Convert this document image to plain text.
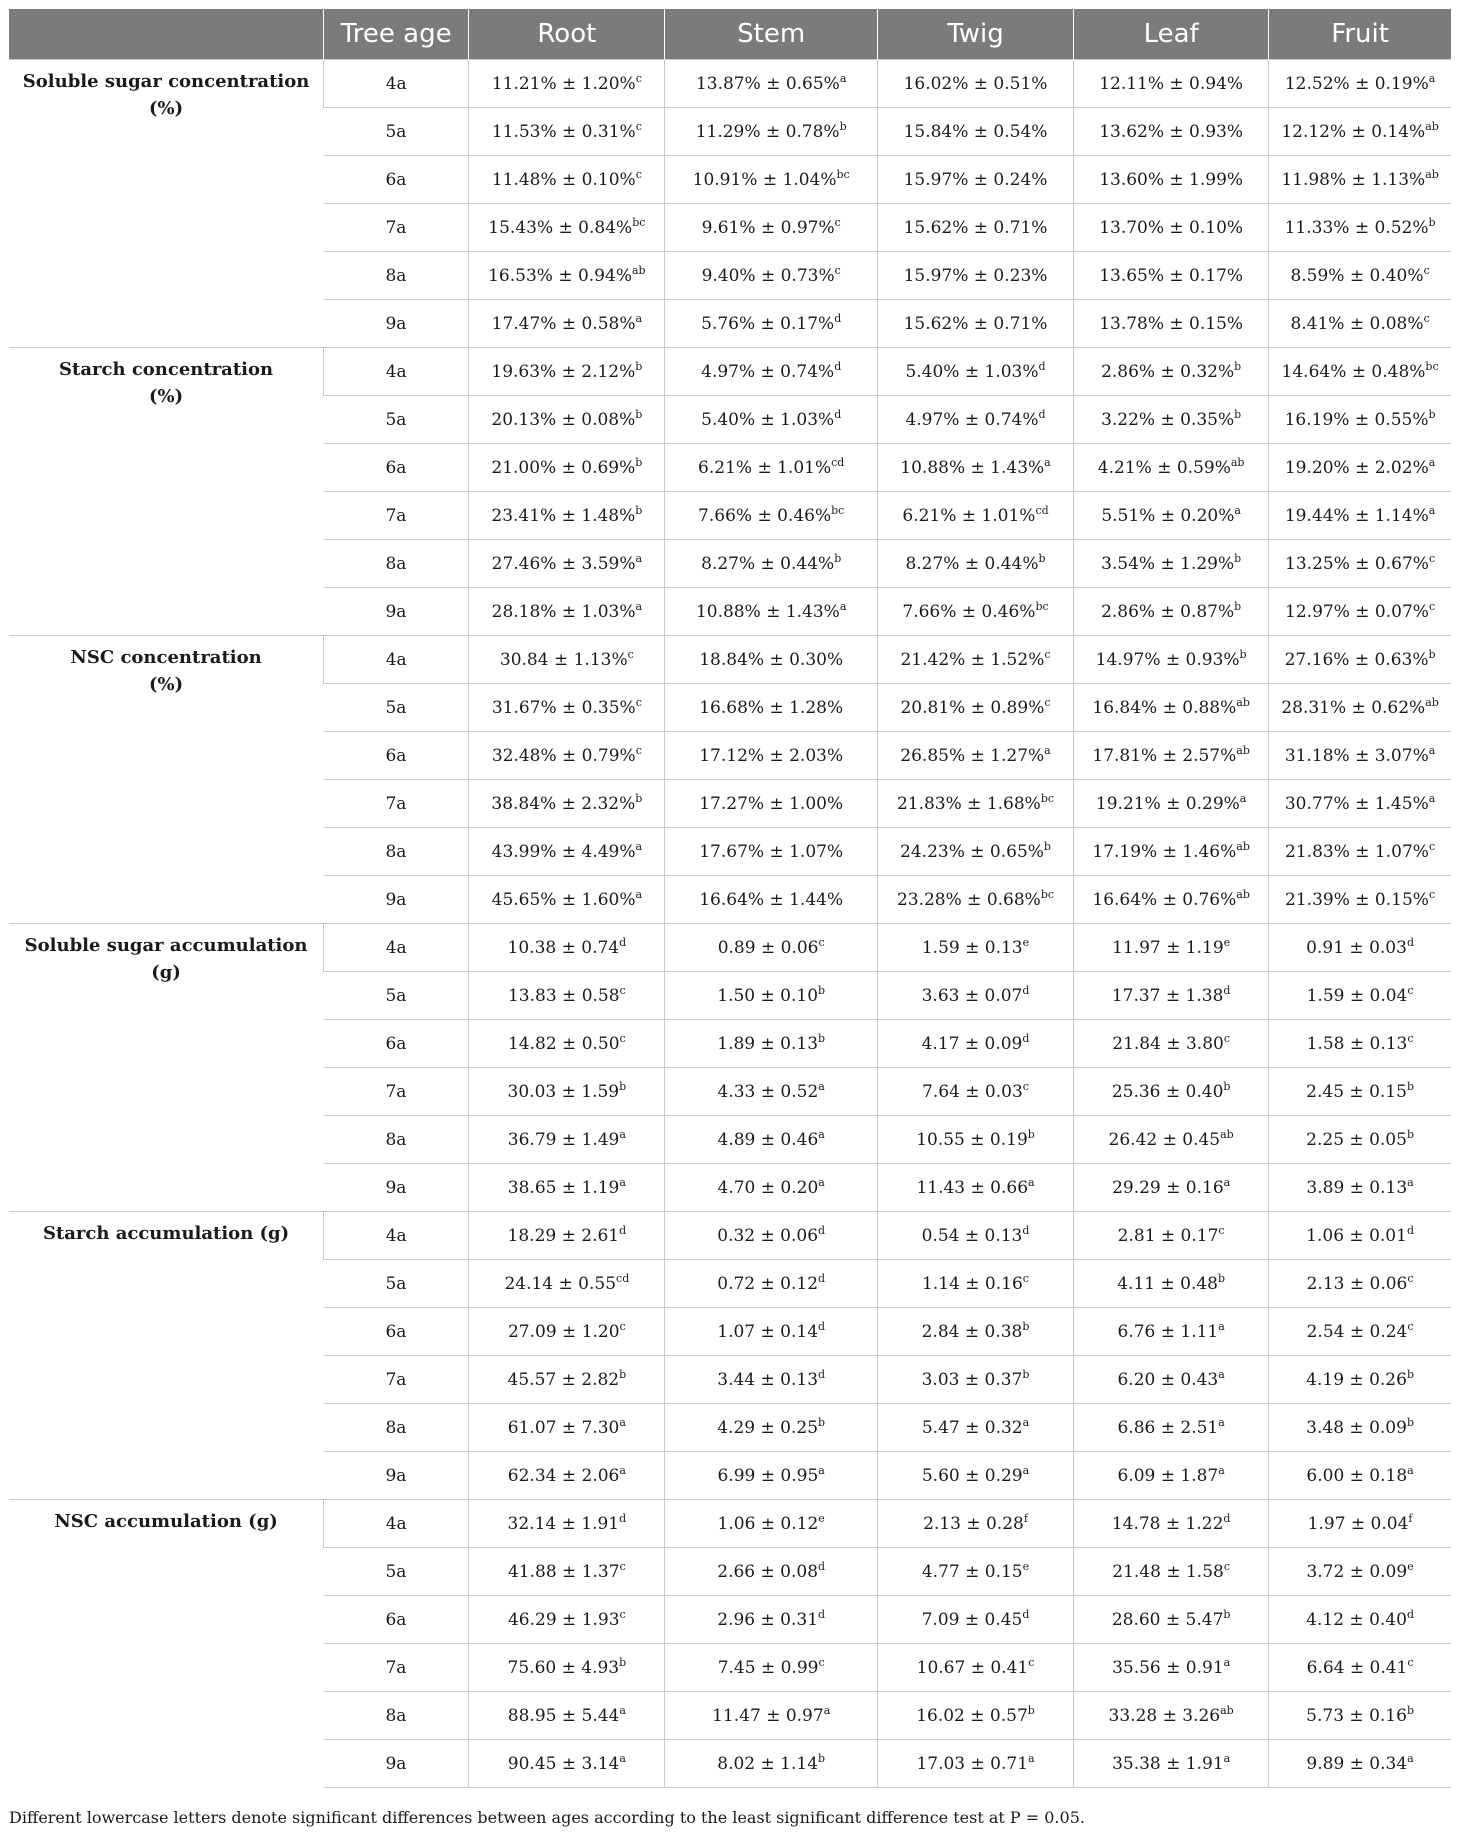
	Tree age	Root	Stem	Twig	Leaf	Fruit
Soluble sugar concentration
(%)	4a	11.21% ± 1.20%$^c$	13.87% ± 0.65%$^a$	16.02% ± 0.51%	12.11% ± 0.94%	12.52% ± 0.19%$^a$
	5a	11.53% ± 0.31%$^c$	11.29% ± 0.78%$^b$	15.84% ± 0.54%	13.62% ± 0.93%	12.12% ± 0.14%$^{ab}$
	6a	11.48% ± 0.10%$^c$	10.91% ± 1.04%$^{bc}$	15.97% ± 0.24%	13.60% ± 1.99%	11.98% ± 1.13%$^{ab}$
	7a	15.43% ± 0.84%$^{bc}$	9.61% ± 0.97%$^c$	15.62% ± 0.71%	13.70% ± 0.10%	11.33% ± 0.52%$^b$
	8a	16.53% ± 0.94%$^{ab}$	9.40% ± 0.73%$^c$	15.97% ± 0.23%	13.65% ± 0.17%	8.59% ± 0.40%$^c$
	9a	17.47% ± 0.58%$^a$	5.76% ± 0.17%$^d$	15.62% ± 0.71%	13.78% ± 0.15%	8.41% ± 0.08%$^c$
Starch concentration
(%)	4a	19.63% ± 2.12%$^b$	4.97% ± 0.74%$^d$	5.40% ± 1.03%$^d$	2.86% ± 0.32%$^b$	14.64% ± 0.48%$^{bc}$
	5a	20.13% ± 0.08%$^b$	5.40% ± 1.03%$^d$	4.97% ± 0.74%$^d$	3.22% ± 0.35%$^b$	16.19% ± 0.55%$^b$
	6a	21.00% ± 0.69%$^b$	6.21% ± 1.01%$^{cd}$	10.88% ± 1.43%$^a$	4.21% ± 0.59%$^{ab}$	19.20% ± 2.02%$^a$
	7a	23.41% ± 1.48%$^b$	7.66% ± 0.46%$^{bc}$	6.21% ± 1.01%$^{cd}$	5.51% ± 0.20%$^a$	19.44% ± 1.14%$^a$
	8a	27.46% ± 3.59%$^a$	8.27% ± 0.44%$^b$	8.27% ± 0.44%$^b$	3.54% ± 1.29%$^b$	13.25% ± 0.67%$^c$
	9a	28.18% ± 1.03%$^a$	10.88% ± 1.43%$^a$	7.66% ± 0.46%$^{bc}$	2.86% ± 0.87%$^b$	12.97% ± 0.07%$^c$
NSC concentration
(%)	4a	30.84 ± 1.13%$^c$	18.84% ± 0.30%	21.42% ± 1.52%$^c$	14.97% ± 0.93%$^b$	27.16% ± 0.63%$^b$
	5a	31.67% ± 0.35%$^c$	16.68% ± 1.28%	20.81% ± 0.89%$^c$	16.84% ± 0.88%$^{ab}$	28.31% ± 0.62%$^{ab}$
	6a	32.48% ± 0.79%$^c$	17.12% ± 2.03%	26.85% ± 1.27%$^a$	17.81% ± 2.57%$^{ab}$	31.18% ± 3.07%$^a$
	7a	38.84% ± 2.32%$^b$	17.27% ± 1.00%	21.83% ± 1.68%$^{bc}$	19.21% ± 0.29%$^a$	30.77% ± 1.45%$^a$
	8a	43.99% ± 4.49%$^a$	17.67% ± 1.07%	24.23% ± 0.65%$^b$	17.19% ± 1.46%$^{ab}$	21.83% ± 1.07%$^c$
	9a	45.65% ± 1.60%$^a$	16.64% ± 1.44%	23.28% ± 0.68%$^{bc}$	16.64% ± 0.76%$^{ab}$	21.39% ± 0.15%$^c$
Soluble sugar accumulation (g)	4a	10.38 ± 0.74$^d$	0.89 ± 0.06$^c$	1.59 ± 0.13$^e$	11.97 ± 1.19$^e$	0.91 ± 0.03$^d$
	5a	13.83 ± 0.58$^c$	1.50 ± 0.10$^b$	3.63 ± 0.07$^d$	17.37 ± 1.38$^d$	1.59 ± 0.04$^c$
	6a	14.82 ± 0.50$^c$	1.89 ± 0.13$^b$	4.17 ± 0.09$^d$	21.84 ± 3.80$^c$	1.58 ± 0.13$^c$
	7a	30.03 ± 1.59$^b$	4.33 ± 0.52$^a$	7.64 ± 0.03$^c$	25.36 ± 0.40$^b$	2.45 ± 0.15$^b$
	8a	36.79 ± 1.49$^a$	4.89 ± 0.46$^a$	10.55 ± 0.19$^b$	26.42 ± 0.45$^{ab}$	2.25 ± 0.05$^b$
	9a	38.65 ± 1.19$^a$	4.70 ± 0.20$^a$	11.43 ± 0.66$^a$	29.29 ± 0.16$^a$	3.89 ± 0.13$^a$
Starch accumulation (g)	4a	18.29 ± 2.61$^d$	0.32 ± 0.06$^d$	0.54 ± 0.13$^d$	2.81 ± 0.17$^c$	1.06 ± 0.01$^d$
	5a	24.14 ± 0.55$^{cd}$	0.72 ± 0.12$^d$	1.14 ± 0.16$^c$	4.11 ± 0.48$^b$	2.13 ± 0.06$^c$
	6a	27.09 ± 1.20$^c$	1.07 ± 0.14$^d$	2.84 ± 0.38$^b$	6.76 ± 1.11$^a$	2.54 ± 0.24$^c$
	7a	45.57 ± 2.82$^b$	3.44 ± 0.13$^d$	3.03 ± 0.37$^b$	6.20 ± 0.43$^a$	4.19 ± 0.26$^b$
	8a	61.07 ± 7.30$^a$	4.29 ± 0.25$^b$	5.47 ± 0.32$^a$	6.86 ± 2.51$^a$	3.48 ± 0.09$^b$
	9a	62.34 ± 2.06$^a$	6.99 ± 0.95$^a$	5.60 ± 0.29$^a$	6.09 ± 1.87$^a$	6.00 ± 0.18$^a$
NSC accumulation (g)	4a	32.14 ± 1.91$^d$	1.06 ± 0.12$^e$	2.13 ± 0.28$^f$	14.78 ± 1.22$^d$	1.97 ± 0.04$^f$
	5a	41.88 ± 1.37$^c$	2.66 ± 0.08$^d$	4.77 ± 0.15$^e$	21.48 ± 1.58$^c$	3.72 ± 0.09$^e$
	6a	46.29 ± 1.93$^c$	2.96 ± 0.31$^d$	7.09 ± 0.45$^d$	28.60 ± 5.47$^b$	4.12 ± 0.40$^d$
	7a	75.60 ± 4.93$^b$	7.45 ± 0.99$^c$	10.67 ± 0.41$^c$	35.56 ± 0.91$^a$	6.64 ± 0.41$^c$
	8a	88.95 ± 5.44$^a$	11.47 ± 0.97$^a$	16.02 ± 0.57$^b$	33.28 ± 3.26$^{ab}$	5.73 ± 0.16$^b$
	9a	90.45 ± 3.14$^a$	8.02 ± 1.14$^b$	17.03 ± 0.71$^a$	35.38 ± 1.91$^a$	9.89 ± 0.34$^a$
Different lowercase letters denote significant differences between ages according to the least significant difference test at P = 0.05.
